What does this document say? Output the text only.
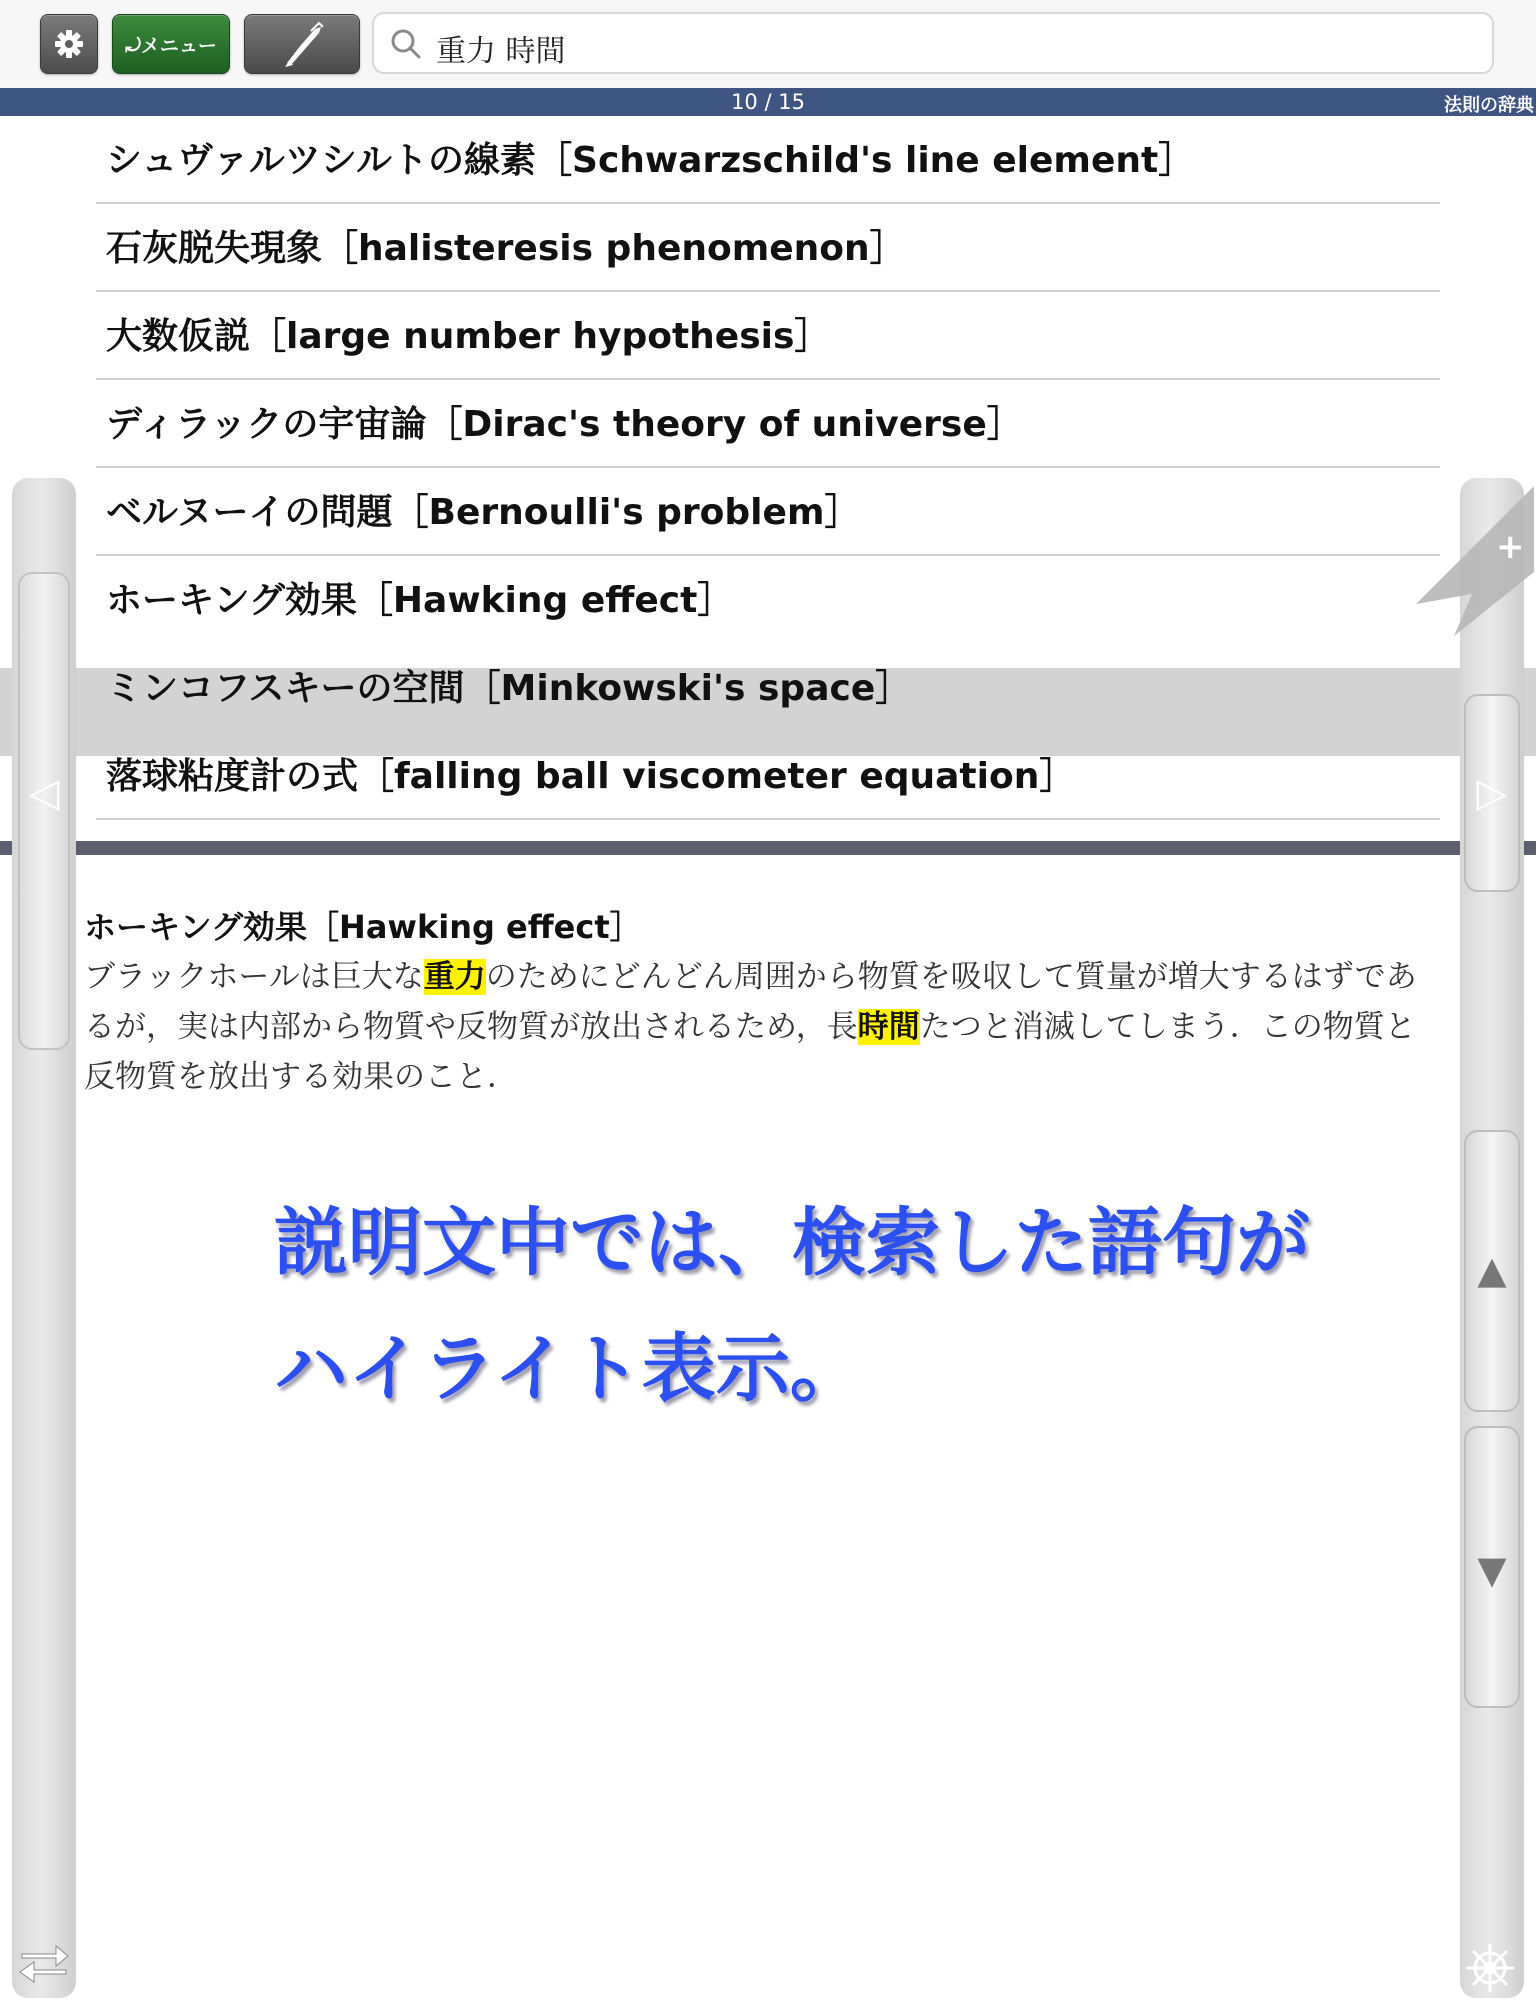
⤾メニュー	重力 時間
10 / 15	法則の辞典
シュヴァルツシルトの線素［Schwarzschild's line element］
石灰脱失現象［halisteresis phenomenon］
大数仮説［large number hypothesis］
ディラックの宇宙論［Dirac's theory of universe］
ベルヌーイの問題［Bernoulli's problem］
ホーキング効果［Hawking effect］
ミンコフスキーの空間［Minkowski's space］
落球粘度計の式［falling ball viscometer equation］

ホーキング効果［Hawking effect］

ブラックホールは巨大な重力のためにどんどん周囲から物質を吸収して質量が増大するはずであるが，実は内部から物質や反物質が放出されるため，長時間たつと消滅してしまう．この物質と反物質を放出する効果のこと．

説明文中では、検索した語句が
ハイライト表示。
◁
+
▷
▲
▼
